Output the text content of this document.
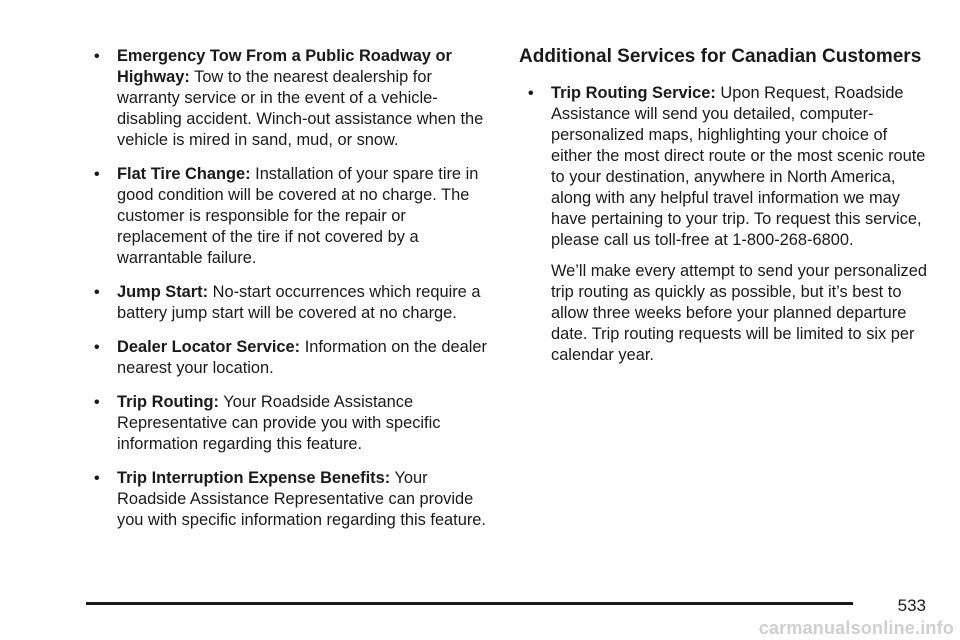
• Emergency Tow From a Public Roadway or Highway: Tow to the nearest dealership for warranty service or in the event of a vehicle-disabling accident. Winch-out assistance when the vehicle is mired in sand, mud, or snow.
• Flat Tire Change: Installation of your spare tire in good condition will be covered at no charge. The customer is responsible for the repair or replacement of the tire if not covered by a warrantable failure.
• Jump Start: No-start occurrences which require a battery jump start will be covered at no charge.
• Dealer Locator Service: Information on the dealer nearest your location.
• Trip Routing: Your Roadside Assistance Representative can provide you with specific information regarding this feature.
• Trip Interruption Expense Benefits: Your Roadside Assistance Representative can provide you with specific information regarding this feature.
Additional Services for Canadian Customers
• Trip Routing Service: Upon Request, Roadside Assistance will send you detailed, computer-personalized maps, highlighting your choice of either the most direct route or the most scenic route to your destination, anywhere in North America, along with any helpful travel information we may have pertaining to your trip. To request this service, please call us toll-free at 1-800-268-6800.
We’ll make every attempt to send your personalized trip routing as quickly as possible, but it’s best to allow three weeks before your planned departure date. Trip routing requests will be limited to six per calendar year.
533
carmanualsonline.info
